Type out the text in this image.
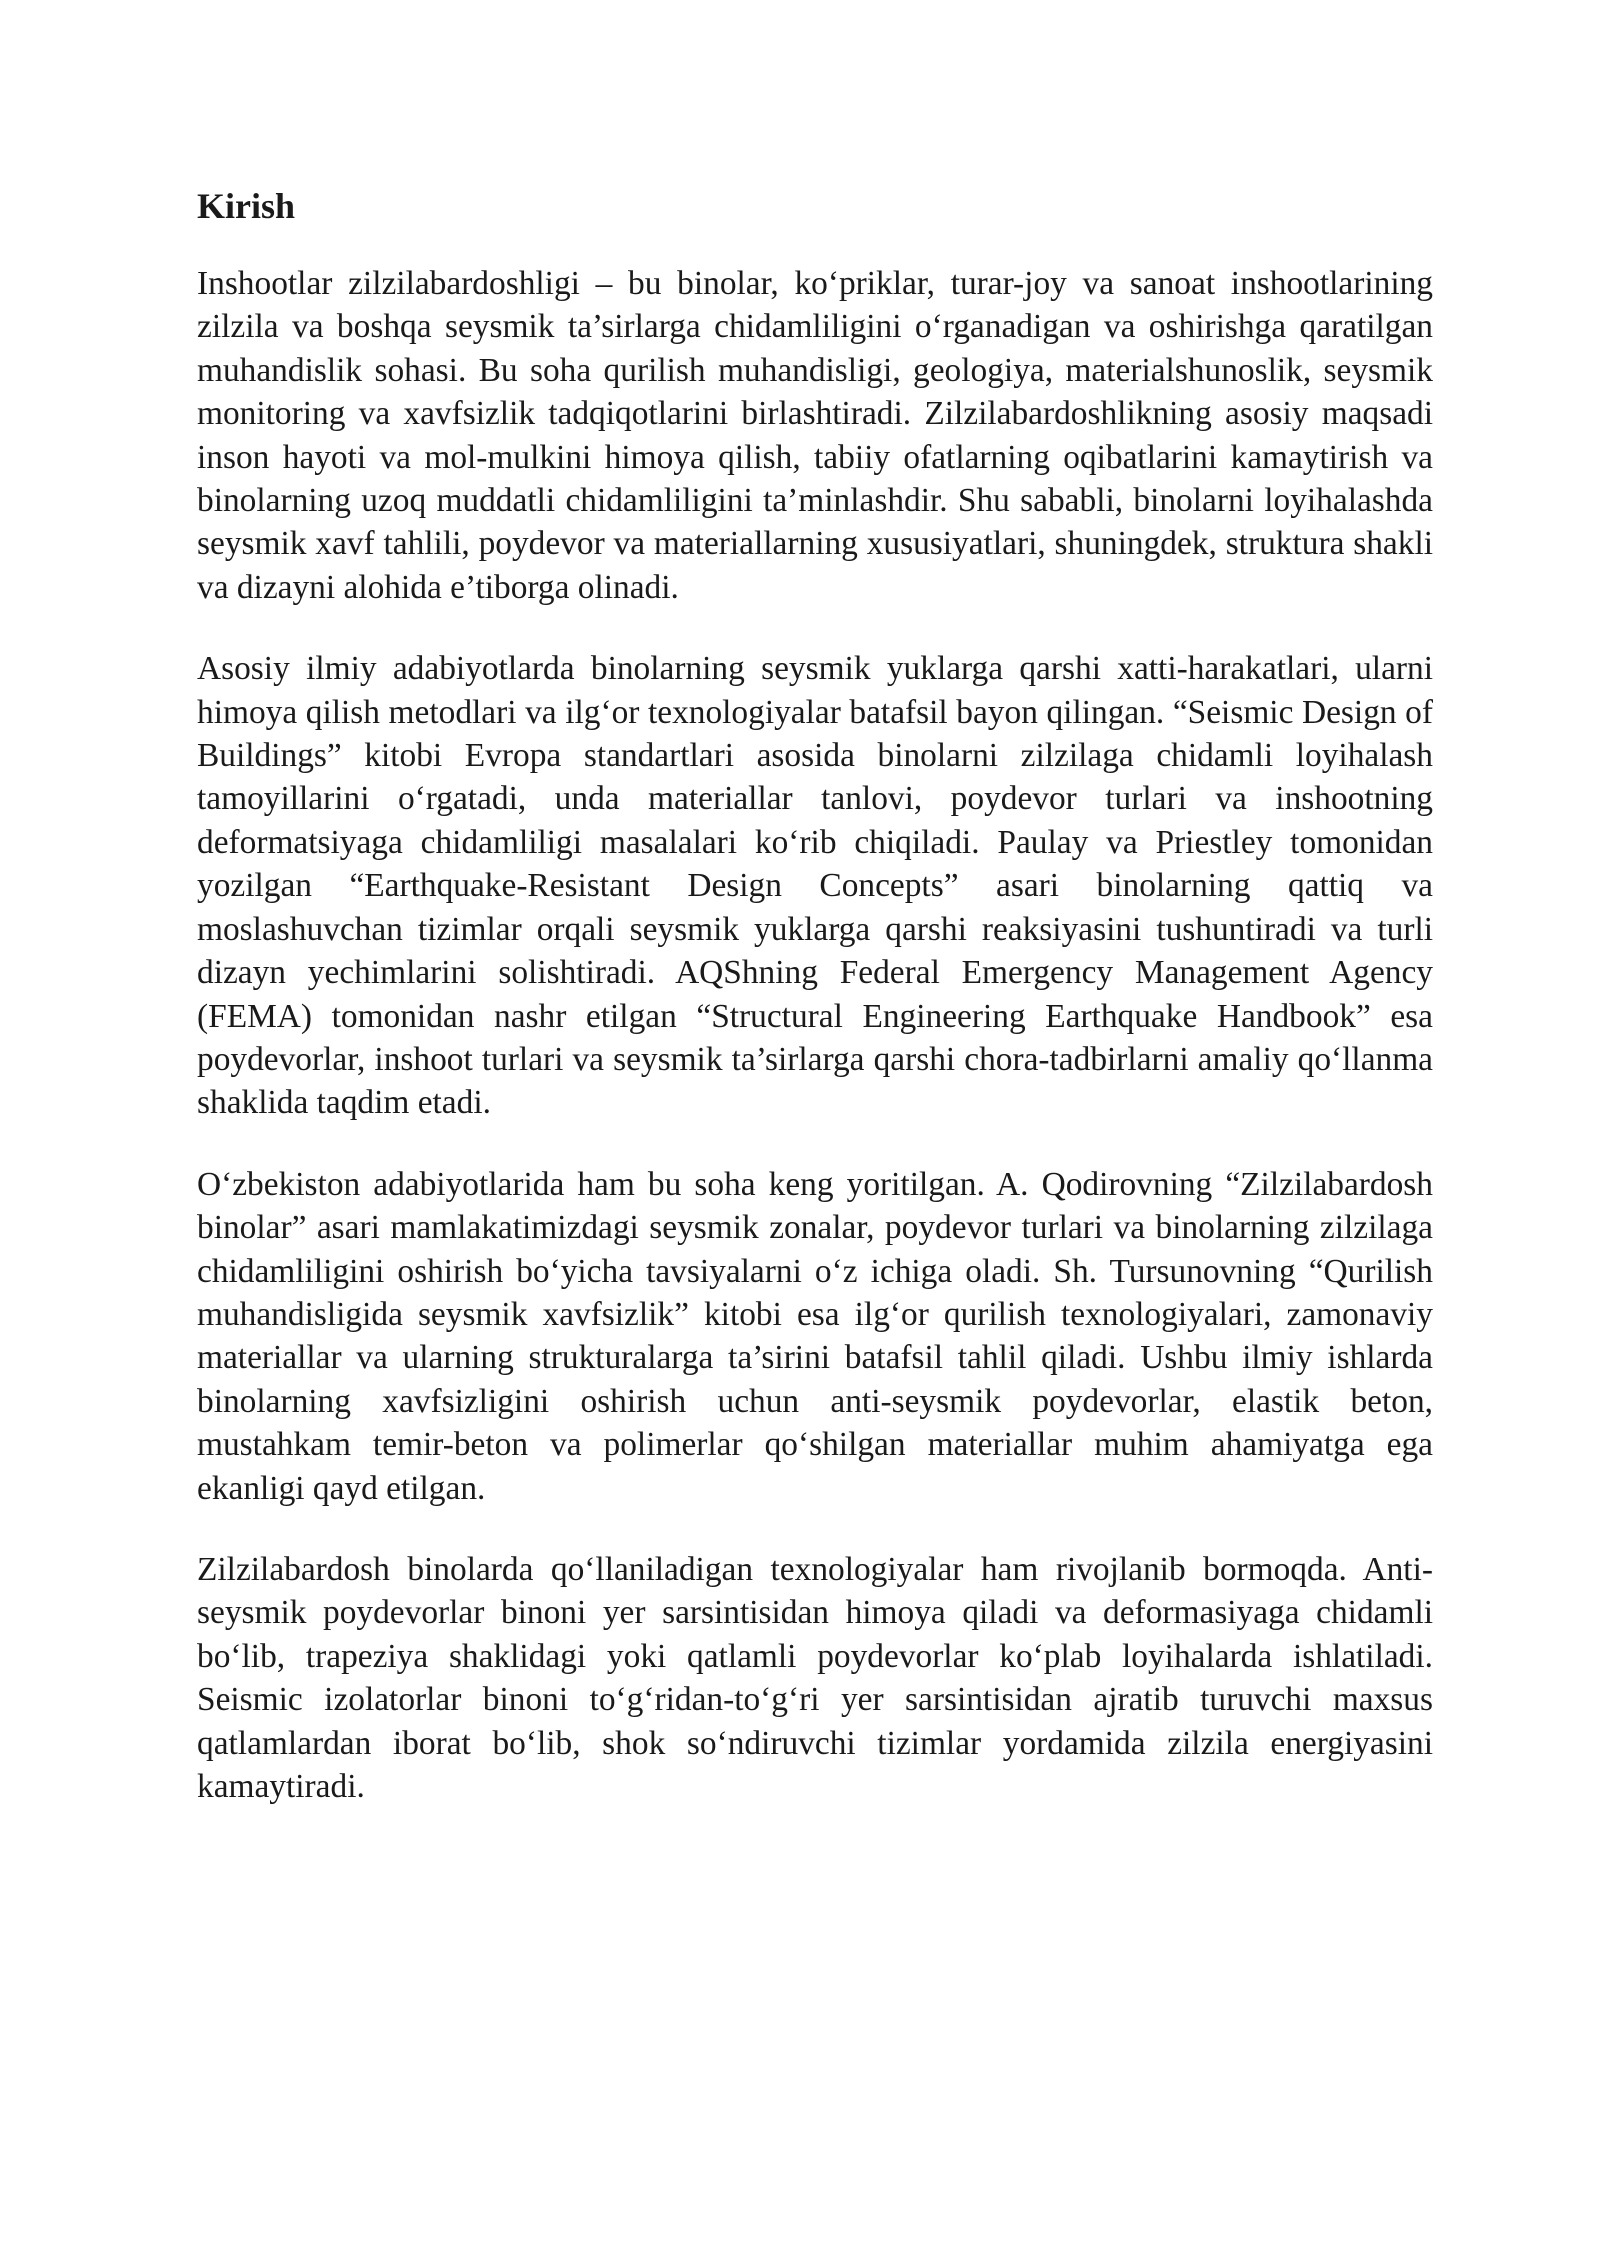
Kirish

Inshootlar zilzilabardoshligi – bu binolar, ko‘priklar, turar-joy va sanoat inshootlarining zilzila va boshqa seysmik ta’sirlarga chidamliligini o‘rganadigan va oshirishga qaratilgan muhandislik sohasi. Bu soha qurilish muhandisligi, geologiya, materialshunoslik, seysmik monitoring va xavfsizlik tadqiqotlarini birlashtiradi. Zilzilabardoshlikning asosiy maqsadi inson hayoti va mol-mulkini himoya qilish, tabiiy ofatlarning oqibatlarini kamaytirish va binolarning uzoq muddatli chidamliligini ta’minlashdir. Shu sababli, binolarni loyihalashda seysmik xavf tahlili, poydevor va materiallarning xususiyatlari, shuningdek, struktura shakli va dizayni alohida e’tiborga olinadi.

Asosiy ilmiy adabiyotlarda binolarning seysmik yuklarga qarshi xatti-harakatlari, ularni himoya qilish metodlari va ilg‘or texnologiyalar batafsil bayon qilingan. “Seismic Design of Buildings” kitobi Evropa standartlari asosida binolarni zilzilaga chidamli loyihalash tamoyillarini o‘rgatadi, unda materiallar tanlovi, poydevor turlari va inshootning deformatsiyaga chidamliligi masalalari ko‘rib chiqiladi. Paulay va Priestley tomonidan yozilgan “Earthquake-Resistant Design Concepts” asari binolarning qattiq va moslashuvchan tizimlar orqali seysmik yuklarga qarshi reaksiyasini tushuntiradi va turli dizayn yechimlarini solishtiradi. AQShning Federal Emergency Management Agency (FEMA) tomonidan nashr etilgan “Structural Engineering Earthquake Handbook” esa poydevorlar, inshoot turlari va seysmik ta’sirlarga qarshi chora-tadbirlarni amaliy qo‘llanma shaklida taqdim etadi.

O‘zbekiston adabiyotlarida ham bu soha keng yoritilgan. A. Qodirovning “Zilzilabardosh binolar” asari mamlakatimizdagi seysmik zonalar, poydevor turlari va binolarning zilzilaga chidamliligini oshirish bo‘yicha tavsiyalarni o‘z ichiga oladi. Sh. Tursunovning “Qurilish muhandisligida seysmik xavfsizlik” kitobi esa ilg‘or qurilish texnologiyalari, zamonaviy materiallar va ularning strukturalarga ta’sirini batafsil tahlil qiladi. Ushbu ilmiy ishlarda binolarning xavfsizligini oshirish uchun anti-seysmik poydevorlar, elastik beton, mustahkam temir-beton va polimerlar qo‘shilgan materiallar muhim ahamiyatga ega ekanligi qayd etilgan.

Zilzilabardosh binolarda qo‘llaniladigan texnologiyalar ham rivojlanib bormoqda. Anti-seysmik poydevorlar binoni yer sarsintisidan himoya qiladi va deformasiyaga chidamli bo‘lib, trapeziya shaklidagi yoki qatlamli poydevorlar ko‘plab loyihalarda ishlatiladi. Seismic izolatorlar binoni to‘g‘ridan-to‘g‘ri yer sarsintisidan ajratib turuvchi maxsus qatlamlardan iborat bo‘lib, shok so‘ndiruvchi tizimlar yordamida zilzila energiyasini kamaytiradi.
